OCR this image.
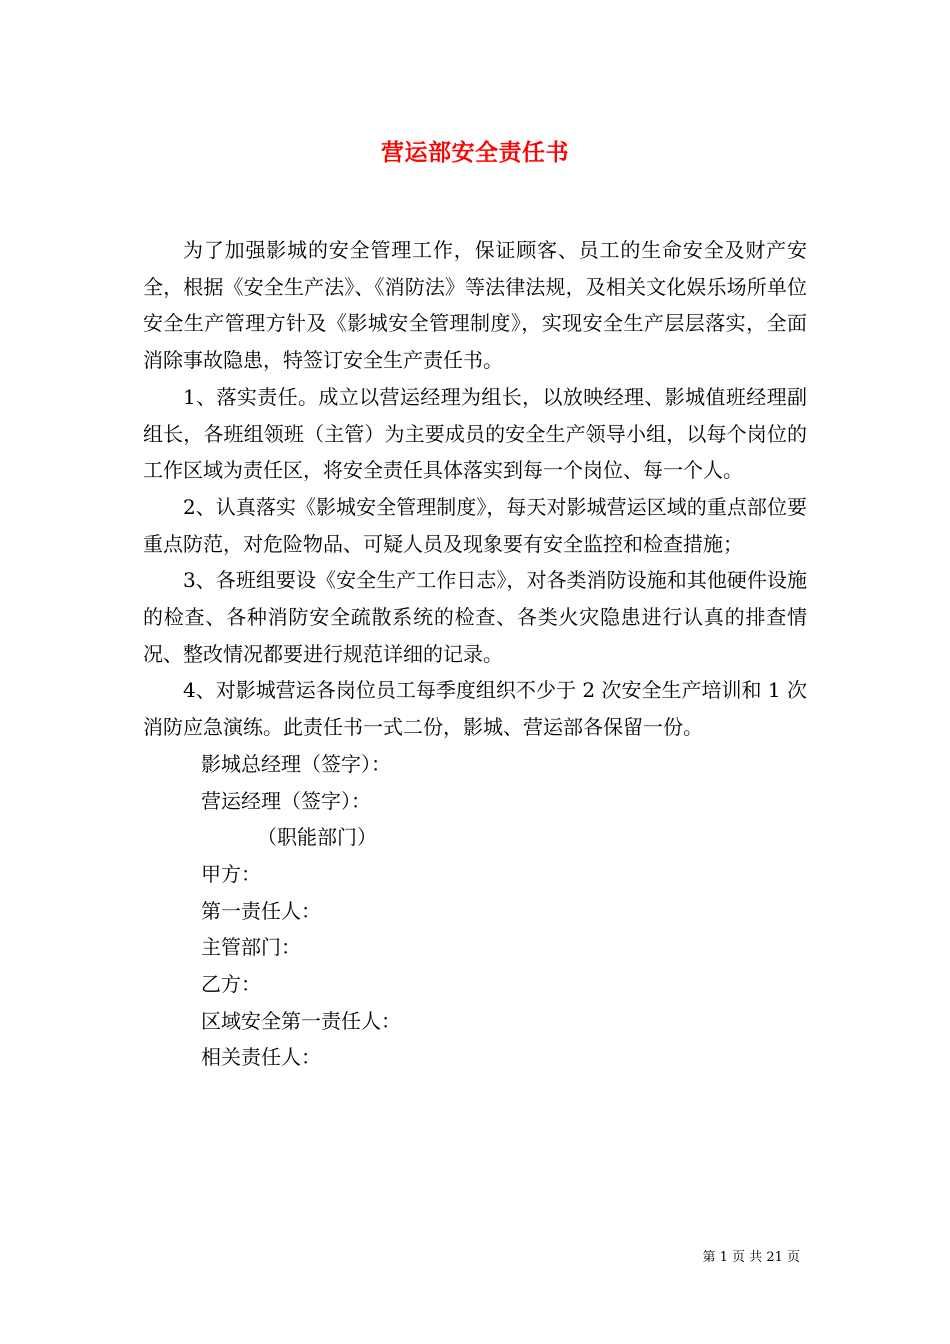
营运部安全责任书

为了加强影城的安全管理工作，保证顾客、员工的生命安全及财产安全，根据《安全生产法》、《消防法》等法律法规，及相关文化娱乐场所单位安全生产管理方针及《影城安全管理制度》，实现安全生产层层落实，全面消除事故隐患，特签订安全生产责任书。

1、落实责任。成立以营运经理为组长，以放映经理、影城值班经理副组长，各班组领班（主管）为主要成员的安全生产领导小组，以每个岗位的工作区域为责任区，将安全责任具体落实到每一个岗位、每一个人。

2、认真落实《影城安全管理制度》，每天对影城营运区域的重点部位要重点防范，对危险物品、可疑人员及现象要有安全监控和检查措施；

3、各班组要设《安全生产工作日志》，对各类消防设施和其他硬件设施的检查、各种消防安全疏散系统的检查、各类火灾隐患进行认真的排查情况、整改情况都要进行规范详细的记录。

4、对影城营运各岗位员工每季度组织不少于 2 次安全生产培训和 1 次消防应急演练。此责任书一式二份，影城、营运部各保留一份。

影城总经理（签字）：
营运经理（签字）：
（职能部门）
甲方：
第一责任人：
主管部门：
乙方：
区域安全第一责任人：
相关责任人：
第 1 页 共 21 页
